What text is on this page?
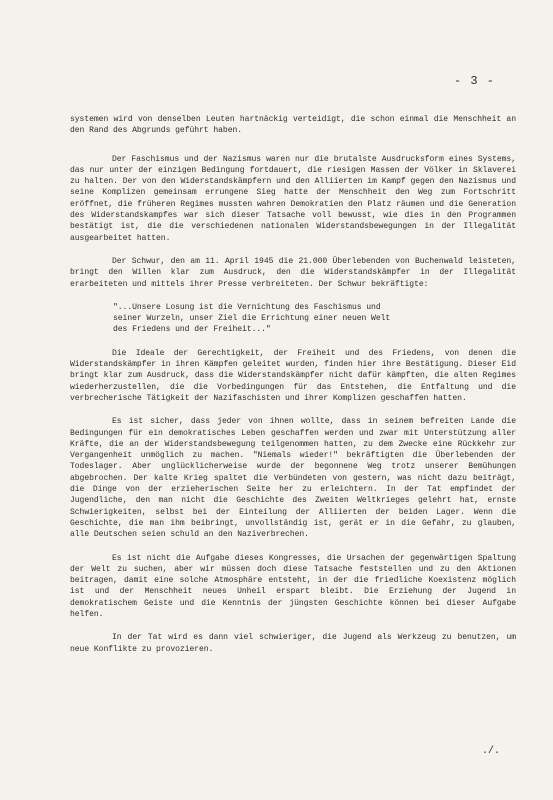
- 3 -

systemen wird von denselben Leuten hartnäckig verteidigt, die schon einmal die Menschheit an den Rand des Abgrunds geführt haben.

Der Faschismus und der Nazismus waren nur die brutalste Ausdrucksform eines Systems, das nur unter der einzigen Bedingung fortdauert, die riesigen Massen der Völker in Sklaverei zu halten. Der von den Widerstandskämpfern und den Alliierten im Kampf gegen den Nazismus und seine Komplizen gemeinsam errungene Sieg hatte der Menschheit den Weg zum Fortschritt eröffnet, die früheren Regimes mussten wahren Demokratien den Platz räumen und die Generation des Widerstandskampfes war sich dieser Tatsache voll bewusst, wie dies in den Programmen bestätigt ist, die die verschiedenen nationalen Widerstandsbewegungen in der Illegalität ausgearbeitet hatten.

Der Schwur, den am 11. April 1945 die 21.000 Überlebenden von Buchenwald leisteten, bringt den Willen klar zum Ausdruck, den die Widerstandskämpfer in der Illegalität erarbeiteten und mittels ihrer Presse verbreiteten. Der Schwur bekräftigte:

"...Unsere Losung ist die Vernichtung des Faschismus und
seiner Wurzeln, unser Ziel die Errichtung einer neuen Welt
des Friedens und der Freiheit..."

Die Ideale der Gerechtigkeit, der Freiheit und des Friedens, von denen die Widerstandskämpfer in ihren Kämpfen geleitet wurden, finden hier ihre Bestätigung. Dieser Eid bringt klar zum Ausdruck, dass die Widerstandskämpfer nicht dafür kämpften, die alten Regimes wiederherzustellen, die die Vorbedingungen für das Entstehen, die Entfaltung und die verbrecherische Tätigkeit der Nazifaschisten und ihrer Komplizen geschaffen hatten.

Es ist sicher, dass jeder von ihnen wollte, dass in seinem befreiten Lande die Bedingungen für ein demokratisches Leben geschaffen werden und zwar mit Unterstützung aller Kräfte, die an der Widerstandsbewegung teilgenommen hatten, zu dem Zwecke eine Rückkehr zur Vergangenheit unmöglich zu machen. "Niemals wieder!" bekräftigten die Überlebenden der Todeslager. Aber unglücklicherweise wurde der begonnene Weg trotz unserer Bemühungen abgebrochen. Der kalte Krieg spaltet die Verbündeten von gestern, was nicht dazu beiträgt, die Dinge von der erzieherischen Seite her zu erleichtern. In der Tat empfindet der Jugendliche, den man nicht die Geschichte des Zweiten Weltkrieges gelehrt hat, ernste Schwierigkeiten, selbst bei der Einteilung der Alliierten der beiden Lager. Wenn die Geschichte, die man ihm beibringt, unvollständig ist, gerät er in die Gefahr, zu glauben, alle Deutschen seien schuld an den Naziverbrechen.

Es ist nicht die Aufgabe dieses Kongresses, die Ursachen der gegenwärtigen Spaltung der Welt zu suchen, aber wir müssen doch diese Tatsache feststellen und zu den Aktionen beitragen, damit eine solche Atmosphäre entsteht, in der die friedliche Koexistenz möglich ist und der Menschheit neues Unheil erspart bleibt. Die Erziehung der Jugend in demokratischem Geiste und die Kenntnis der jüngsten Geschichte können bei dieser Aufgabe helfen.

In der Tat wird es dann viel schwieriger, die Jugend als Werkzeug zu benutzen, um neue Konflikte zu provozieren.

./.
